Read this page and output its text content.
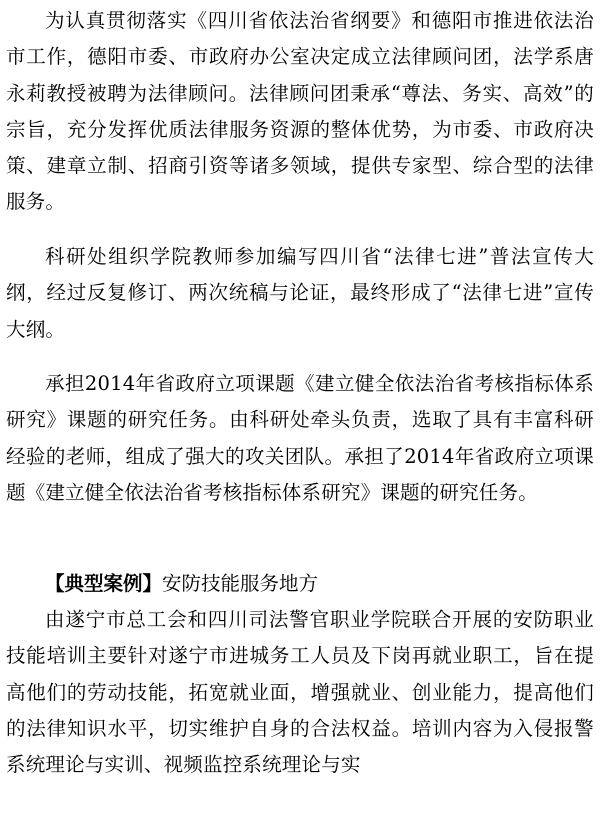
为认真贯彻落实《四川省依法治省纲要》和德阳市推进依法治市工作，德阳市委、市政府办公室决定成立法律顾问团，法学系唐永莉教授被聘为法律顾问。法律顾问团秉承“尊法、务实、高效”的宗旨，充分发挥优质法律服务资源的整体优势，为市委、市政府决策、建章立制、招商引资等诸多领域，提供专家型、综合型的法律服务。

科研处组织学院教师参加编写四川省“法律七进”普法宣传大纲，经过反复修订、两次统稿与论证，最终形成了“法律七进”宣传大纲。

承担2014年省政府立项课题《建立健全依法治省考核指标体系研究》课题的研究任务。由科研处牵头负责，选取了具有丰富科研经验的老师，组成了强大的攻关团队。承担了2014年省政府立项课题《建立健全依法治省考核指标体系研究》课题的研究任务。

【典型案例】安防技能服务地方

由遂宁市总工会和四川司法警官职业学院联合开展的安防职业技能培训主要针对遂宁市进城务工人员及下岗再就业职工，旨在提高他们的劳动技能，拓宽就业面，增强就业、创业能力，提高他们的法律知识水平，切实维护自身的合法权益。培训内容为入侵报警系统理论与实训、视频监控系统理论与实
